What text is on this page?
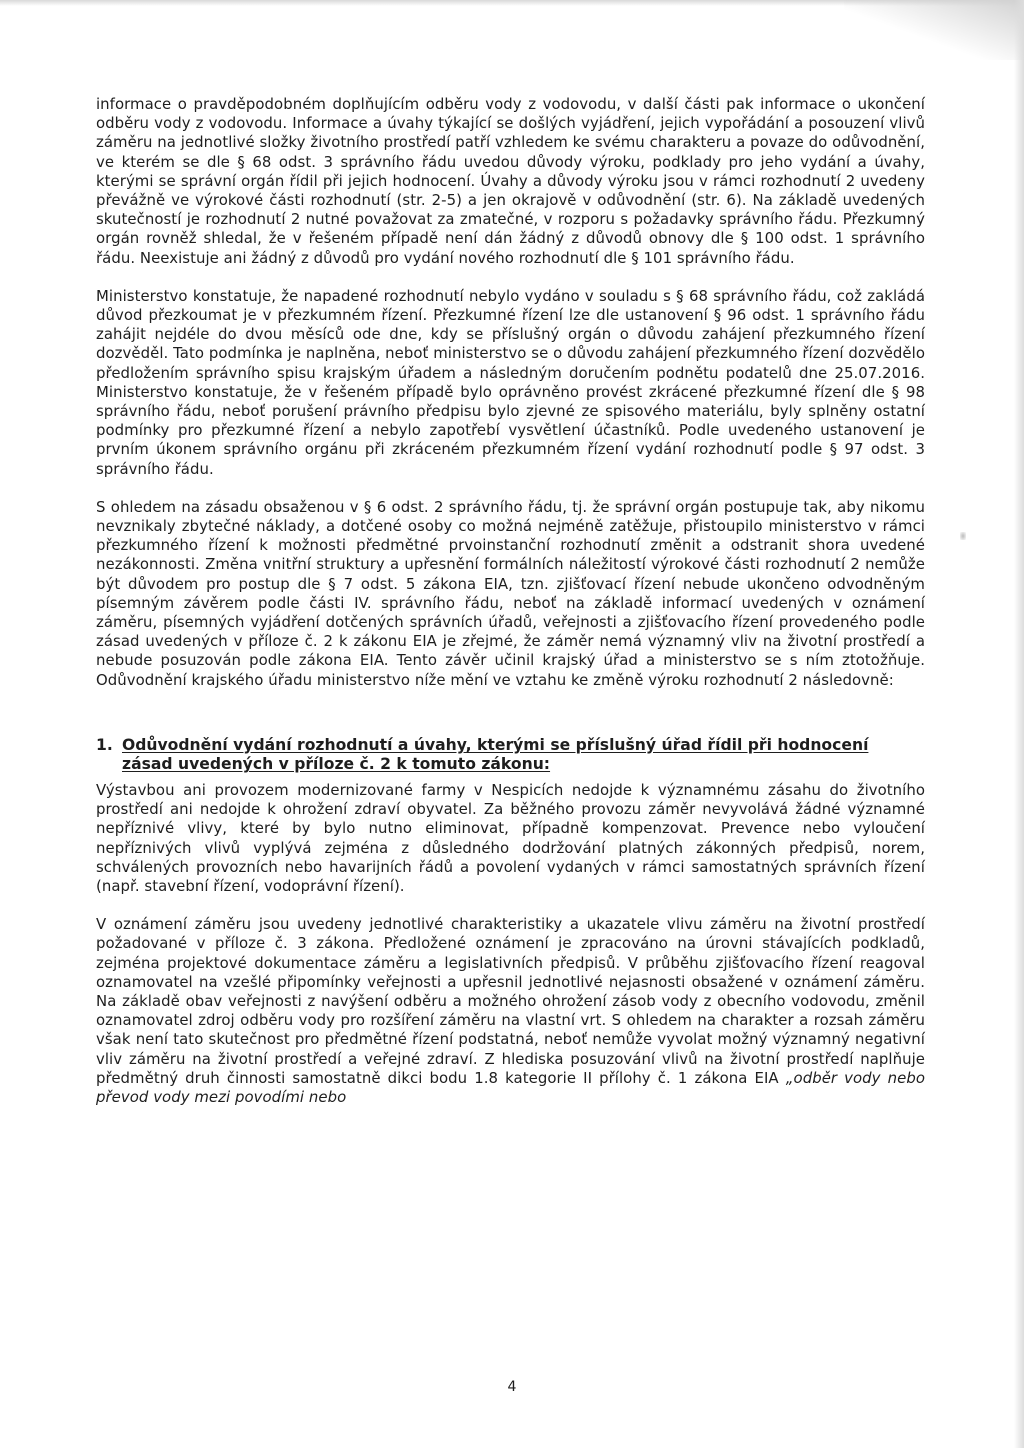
informace o pravděpodobném doplňujícím odběru vody z vodovodu, v další části pak informace o ukončení odběru vody z vodovodu. Informace a úvahy týkající se došlých vyjádření, jejich vypořádání a posouzení vlivů záměru na jednotlivé složky životního prostředí patří vzhledem ke svému charakteru a povaze do odůvodnění, ve kterém se dle § 68 odst. 3 správního řádu uvedou důvody výroku, podklady pro jeho vydání a úvahy, kterými se správní orgán řídil při jejich hodnocení. Úvahy a důvody výroku jsou v rámci rozhodnutí 2 uvedeny převážně ve výrokové části rozhodnutí (str. 2-5) a jen okrajově v odůvodnění (str. 6). Na základě uvedených skutečností je rozhodnutí 2 nutné považovat za zmatečné, v rozporu s požadavky správního řádu. Přezkumný orgán rovněž shledal, že v řešeném případě není dán žádný z důvodů obnovy dle § 100 odst. 1 správního řádu. Neexistuje ani žádný z důvodů pro vydání nového rozhodnutí dle § 101 správního řádu.

Ministerstvo konstatuje, že napadené rozhodnutí nebylo vydáno v souladu s § 68 správního řádu, což zakládá důvod přezkoumat je v přezkumném řízení. Přezkumné řízení lze dle ustanovení § 96 odst. 1 správního řádu zahájit nejdéle do dvou měsíců ode dne, kdy se příslušný orgán o důvodu zahájení přezkumného řízení dozvěděl. Tato podmínka je naplněna, neboť ministerstvo se o důvodu zahájení přezkumného řízení dozvědělo předložením správního spisu krajským úřadem a následným doručením podnětu podatelů dne 25.07.2016. Ministerstvo konstatuje, že v řešeném případě bylo oprávněno provést zkrácené přezkumné řízení dle § 98 správního řádu, neboť porušení právního předpisu bylo zjevné ze spisového materiálu, byly splněny ostatní podmínky pro přezkumné řízení a nebylo zapotřebí vysvětlení účastníků. Podle uvedeného ustanovení je prvním úkonem správního orgánu při zkráceném přezkumném řízení vydání rozhodnutí podle § 97 odst. 3 správního řádu.

S ohledem na zásadu obsaženou v § 6 odst. 2 správního řádu, tj. že správní orgán postupuje tak, aby nikomu nevznikaly zbytečné náklady, a dotčené osoby co možná nejméně zatěžuje, přistoupilo ministerstvo v rámci přezkumného řízení k možnosti předmětné prvoinstanční rozhodnutí změnit a odstranit shora uvedené nezákonnosti. Změna vnitřní struktury a upřesnění formálních náležitostí výrokové části rozhodnutí 2 nemůže být důvodem pro postup dle § 7 odst. 5 zákona EIA, tzn. zjišťovací řízení nebude ukončeno odvodněným písemným závěrem podle části IV. správního řádu, neboť na základě informací uvedených v oznámení záměru, písemných vyjádření dotčených správních úřadů, veřejnosti a zjišťovacího řízení provedeného podle zásad uvedených v příloze č. 2 k zákonu EIA je zřejmé, že záměr nemá významný vliv na životní prostředí a nebude posuzován podle zákona EIA. Tento závěr učinil krajský úřad a ministerstvo se s ním ztotožňuje. Odůvodnění krajského úřadu ministerstvo níže mění ve vztahu ke změně výroku rozhodnutí 2 následovně:

1. Odůvodnění vydání rozhodnutí a úvahy, kterými se příslušný úřad řídil při hodnocení zásad uvedených v příloze č. 2 k tomuto zákonu:

Výstavbou ani provozem modernizované farmy v Nespicích nedojde k významnému zásahu do životního prostředí ani nedojde k ohrožení zdraví obyvatel. Za běžného provozu záměr nevyvolává žádné významné nepříznivé vlivy, které by bylo nutno eliminovat, případně kompenzovat. Prevence nebo vyloučení nepříznivých vlivů vyplývá zejména z důsledného dodržování platných zákonných předpisů, norem, schválených provozních nebo havarijních řádů a povolení vydaných v rámci samostatných správních řízení (např. stavební řízení, vodoprávní řízení).

V oznámení záměru jsou uvedeny jednotlivé charakteristiky a ukazatele vlivu záměru na životní prostředí požadované v příloze č. 3 zákona. Předložené oznámení je zpracováno na úrovni stávajících podkladů, zejména projektové dokumentace záměru a legislativních předpisů. V průběhu zjišťovacího řízení reagoval oznamovatel na vzešlé připomínky veřejnosti a upřesnil jednotlivé nejasnosti obsažené v oznámení záměru. Na základě obav veřejnosti z navýšení odběru a možného ohrožení zásob vody z obecního vodovodu, změnil oznamovatel zdroj odběru vody pro rozšíření záměru na vlastní vrt. S ohledem na charakter a rozsah záměru však není tato skutečnost pro předmětné řízení podstatná, neboť nemůže vyvolat možný významný negativní vliv záměru na životní prostředí a veřejné zdraví. Z hlediska posuzování vlivů na životní prostředí naplňuje předmětný druh činnosti samostatně dikci bodu 1.8 kategorie II přílohy č. 1 zákona EIA „odběr vody nebo převod vody mezi povodími nebo

4
